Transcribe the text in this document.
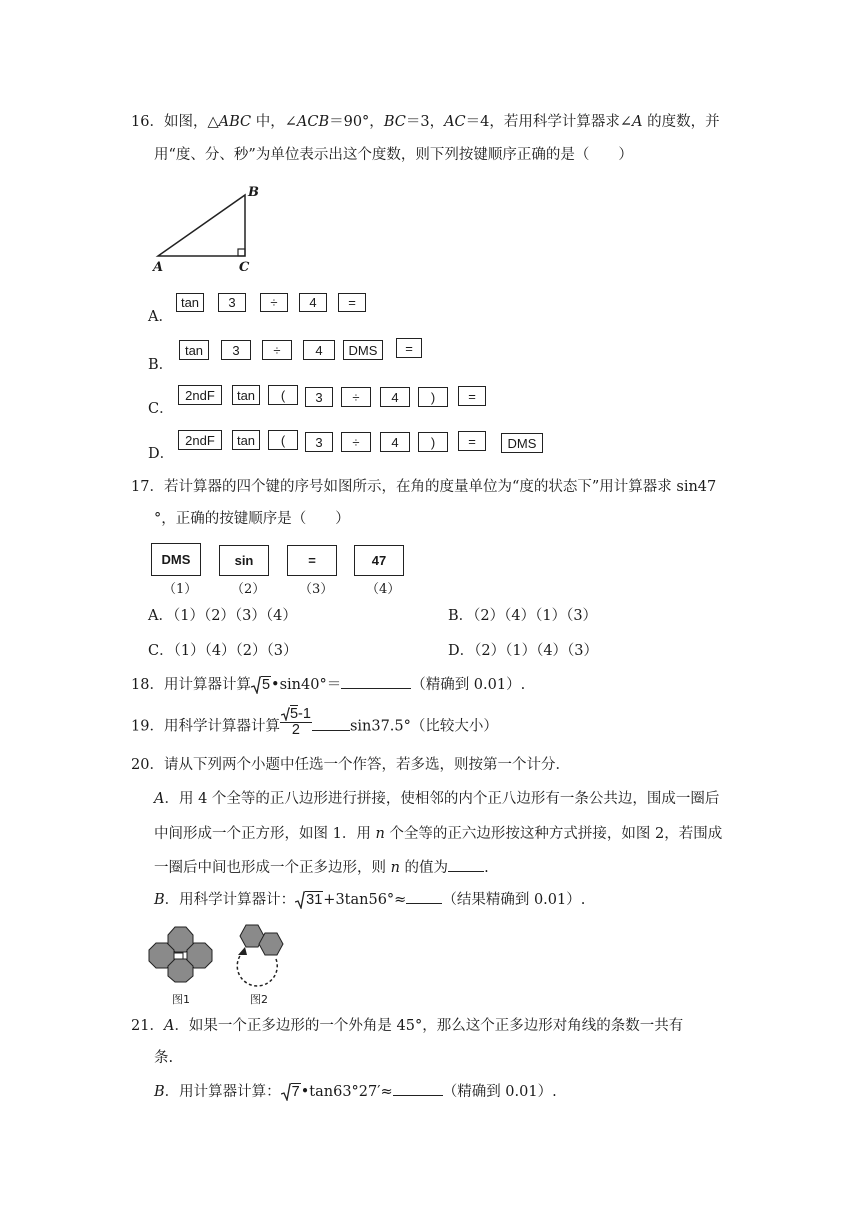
16．如图，△ABC 中，∠ACB＝90°，BC＝3，AC＝4，若用科学计算器求∠A 的度数，并
用“度、分、秒”为单位表示出这个度数，则下列按键顺序正确的是（　　）
A
B
C
A．
tan	3	÷	4	=
B．
tan	3	÷	4	DMS	=
C．
2ndF	tan	(	3	÷	4	)	=
D．
2ndF	tan	(	3	÷	4	)	=	DMS
17．若计算器的四个键的序号如图所示，在角的度量单位为“度的状态下”用计算器求 sin47
°，正确的按键顺序是（　　）
DMS	sin	=	47
（1）	（2）	（3）	（4）
A．（1）（2）（3）（4）	B．（2）（4）（1）（3）
C．（1）（4）（2）（3）	D．（2）（1）（4）（3）
18．用计算器计算 5•sin40°＝	（精确到 0.01）.
19．用科学计算器计算 $\frac{5-1}{2}$	sin37.5°（比较大小）
20．请从下列两个小题中任选一个作答，若多选，则按第一个计分．
A．用 4 个全等的正八边形进行拼接，使相邻的内个正八边形有一条公共边，围成一圈后
中间形成一个正方形，如图 1．用 n 个全等的正六边形按这种方式拼接，如图 2，若围成
一圈后中间也形成一个正多边形，则 n 的值为 .
B．用科学计算器计： 31+3tan56°≈ （结果精确到 0.01）.
图1	图2
21．A．如果一个正多边形的一个外角是 45°，那么这个正多边形对角线的条数一共有
条.
B．用计算器计算： 7•tan63°27′≈	（精确到 0.01）.
